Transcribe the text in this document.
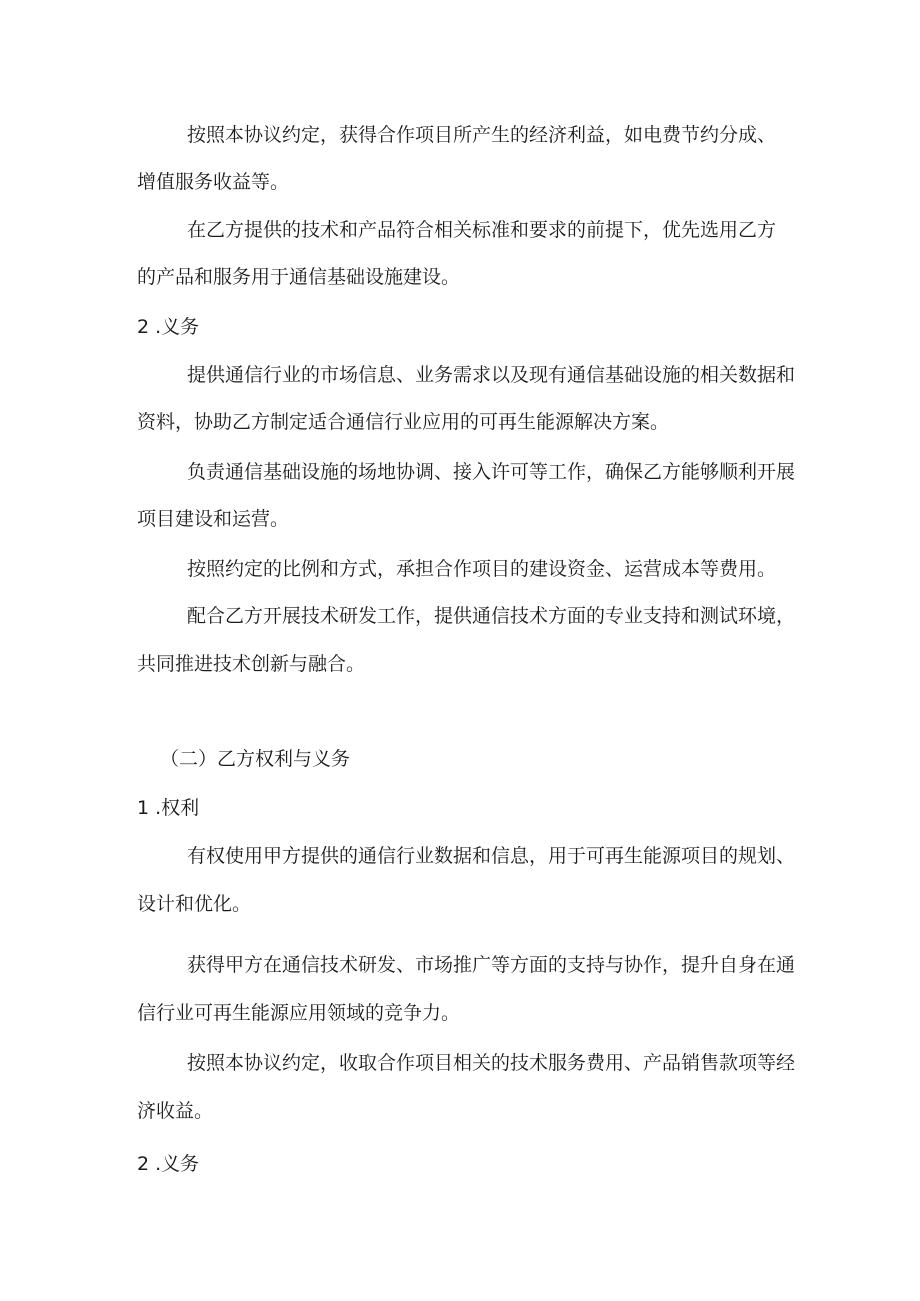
按照本协议约定，获得合作项目所产生的经济利益，如电费节约分成、

增值服务收益等。

在乙方提供的技术和产品符合相关标准和要求的前提下，优先选用乙方

的产品和服务用于通信基础设施建设。

2 .义务

提供通信行业的市场信息、业务需求以及现有通信基础设施的相关数据和

资料，协助乙方制定适合通信行业应用的可再生能源解决方案。

负责通信基础设施的场地协调、接入许可等工作，确保乙方能够顺利开展

项目建设和运营。

按照约定的比例和方式，承担合作项目的建设资金、运营成本等费用。

配合乙方开展技术研发工作，提供通信技术方面的专业支持和测试环境，

共同推进技术创新与融合。

（二）乙方权利与义务

1 .权利

有权使用甲方提供的通信行业数据和信息，用于可再生能源项目的规划、

设计和优化。

获得甲方在通信技术研发、市场推广等方面的支持与协作，提升自身在通

信行业可再生能源应用领域的竞争力。

按照本协议约定，收取合作项目相关的技术服务费用、产品销售款项等经

济收益。

2 .义务
